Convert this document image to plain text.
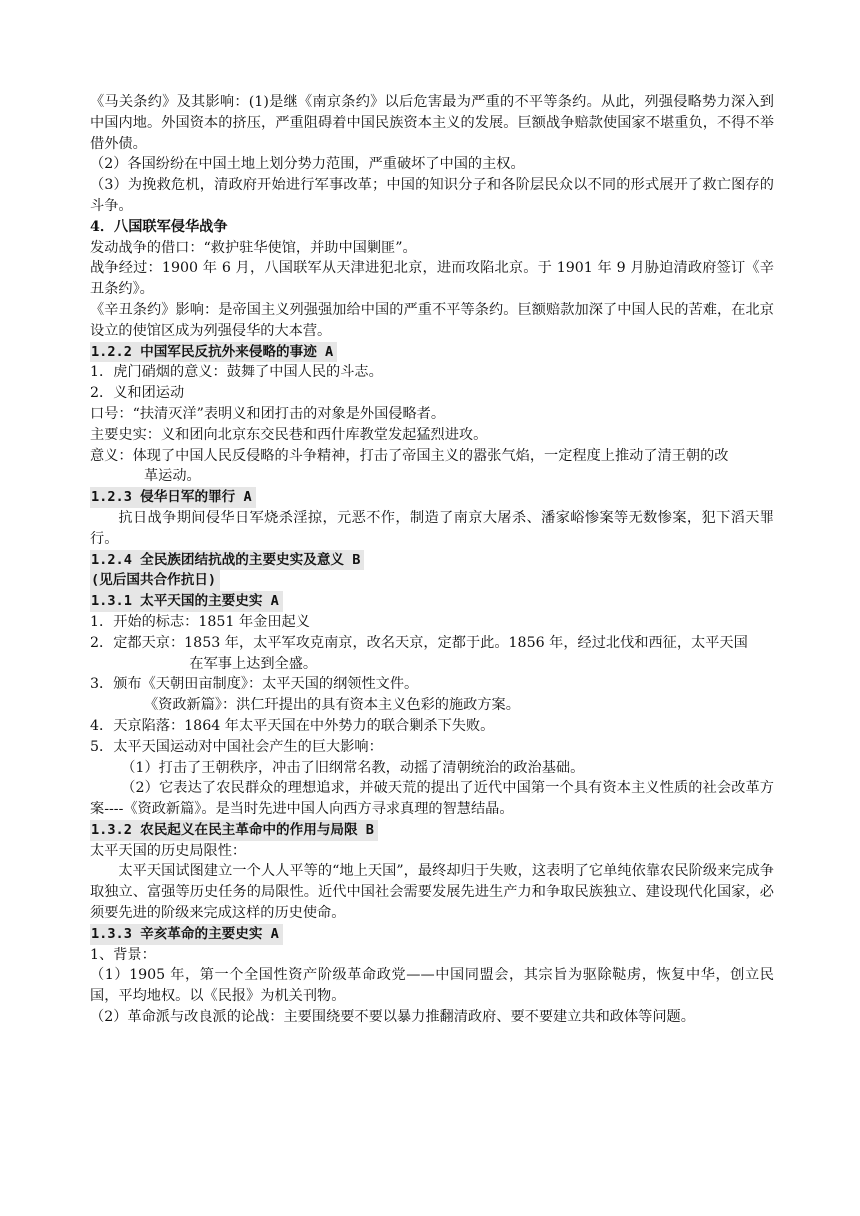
《马关条约》及其影响：(1)是继《南京条约》以后危害最为严重的不平等条约。从此，列强侵略势力深入到中国内地。外国资本的挤压，严重阻碍着中国民族资本主义的发展。巨额战争赔款使国家不堪重负，不得不举借外债。

（2）各国纷纷在中国土地上划分势力范围，严重破坏了中国的主权。

（3）为挽救危机，清政府开始进行军事改革；中国的知识分子和各阶层民众以不同的形式展开了救亡图存的斗争。

4．八国联军侵华战争

发动战争的借口：“救护驻华使馆，并助中国剿匪”。

战争经过：1900 年 6 月，八国联军从天津进犯北京，进而攻陷北京。于 1901 年 9 月胁迫清政府签订《辛丑条约》。

《辛丑条约》影响：是帝国主义列强强加给中国的严重不平等条约。巨额赔款加深了中国人民的苦难，在北京设立的使馆区成为列强侵华的大本营。

1.2.2 中国军民反抗外来侵略的事迹 A

1．虎门硝烟的意义：鼓舞了中国人民的斗志。

2．义和团运动

口号：“扶清灭洋”表明义和团打击的对象是外国侵略者。

主要史实：义和团向北京东交民巷和西什库教堂发起猛烈进攻。

意义：体现了中国人民反侵略的斗争精神，打击了帝国主义的嚣张气焰，一定程度上推动了清王朝的改

革运动。

1.2.3 侵华日军的罪行 A

抗日战争期间侵华日军烧杀淫掠，元恶不作，制造了南京大屠杀、潘家峪惨案等无数惨案，犯下滔天罪行。

1.2.4 全民族团结抗战的主要史实及意义 B

(见后国共合作抗日)

1.3.1 太平天国的主要史实 A

1．开始的标志：1851 年金田起义

2．定都天京：1853 年，太平军攻克南京，改名天京，定都于此。1856 年，经过北伐和西征，太平天国

在军事上达到全盛。

3．颁布《天朝田亩制度》：太平天国的纲领性文件。

《资政新篇》：洪仁玕提出的具有资本主义色彩的施政方案。

4．天京陷落：1864 年太平天国在中外势力的联合剿杀下失败。

5．太平天国运动对中国社会产生的巨大影响：

（1）打击了王朝秩序，冲击了旧纲常名教，动摇了清朝统治的政治基础。

（2）它表达了农民群众的理想追求，并破天荒的提出了近代中国第一个具有资本主义性质的社会改革方案----《资政新篇》。是当时先进中国人向西方寻求真理的智慧结晶。

1.3.2 农民起义在民主革命中的作用与局限 B

太平天国的历史局限性：

太平天国试图建立一个人人平等的“地上天国”，最终却归于失败，这表明了它单纯依靠农民阶级来完成争取独立、富强等历史任务的局限性。近代中国社会需要发展先进生产力和争取民族独立、建设现代化国家，必须要先进的阶级来完成这样的历史使命。

1.3.3 辛亥革命的主要史实 A

1、背景：

（1）1905 年，第一个全国性资产阶级革命政党——中国同盟会，其宗旨为驱除鞑虏，恢复中华，创立民国，平均地权。以《民报》为机关刊物。

（2）革命派与改良派的论战：主要围绕要不要以暴力推翻清政府、要不要建立共和政体等问题。
